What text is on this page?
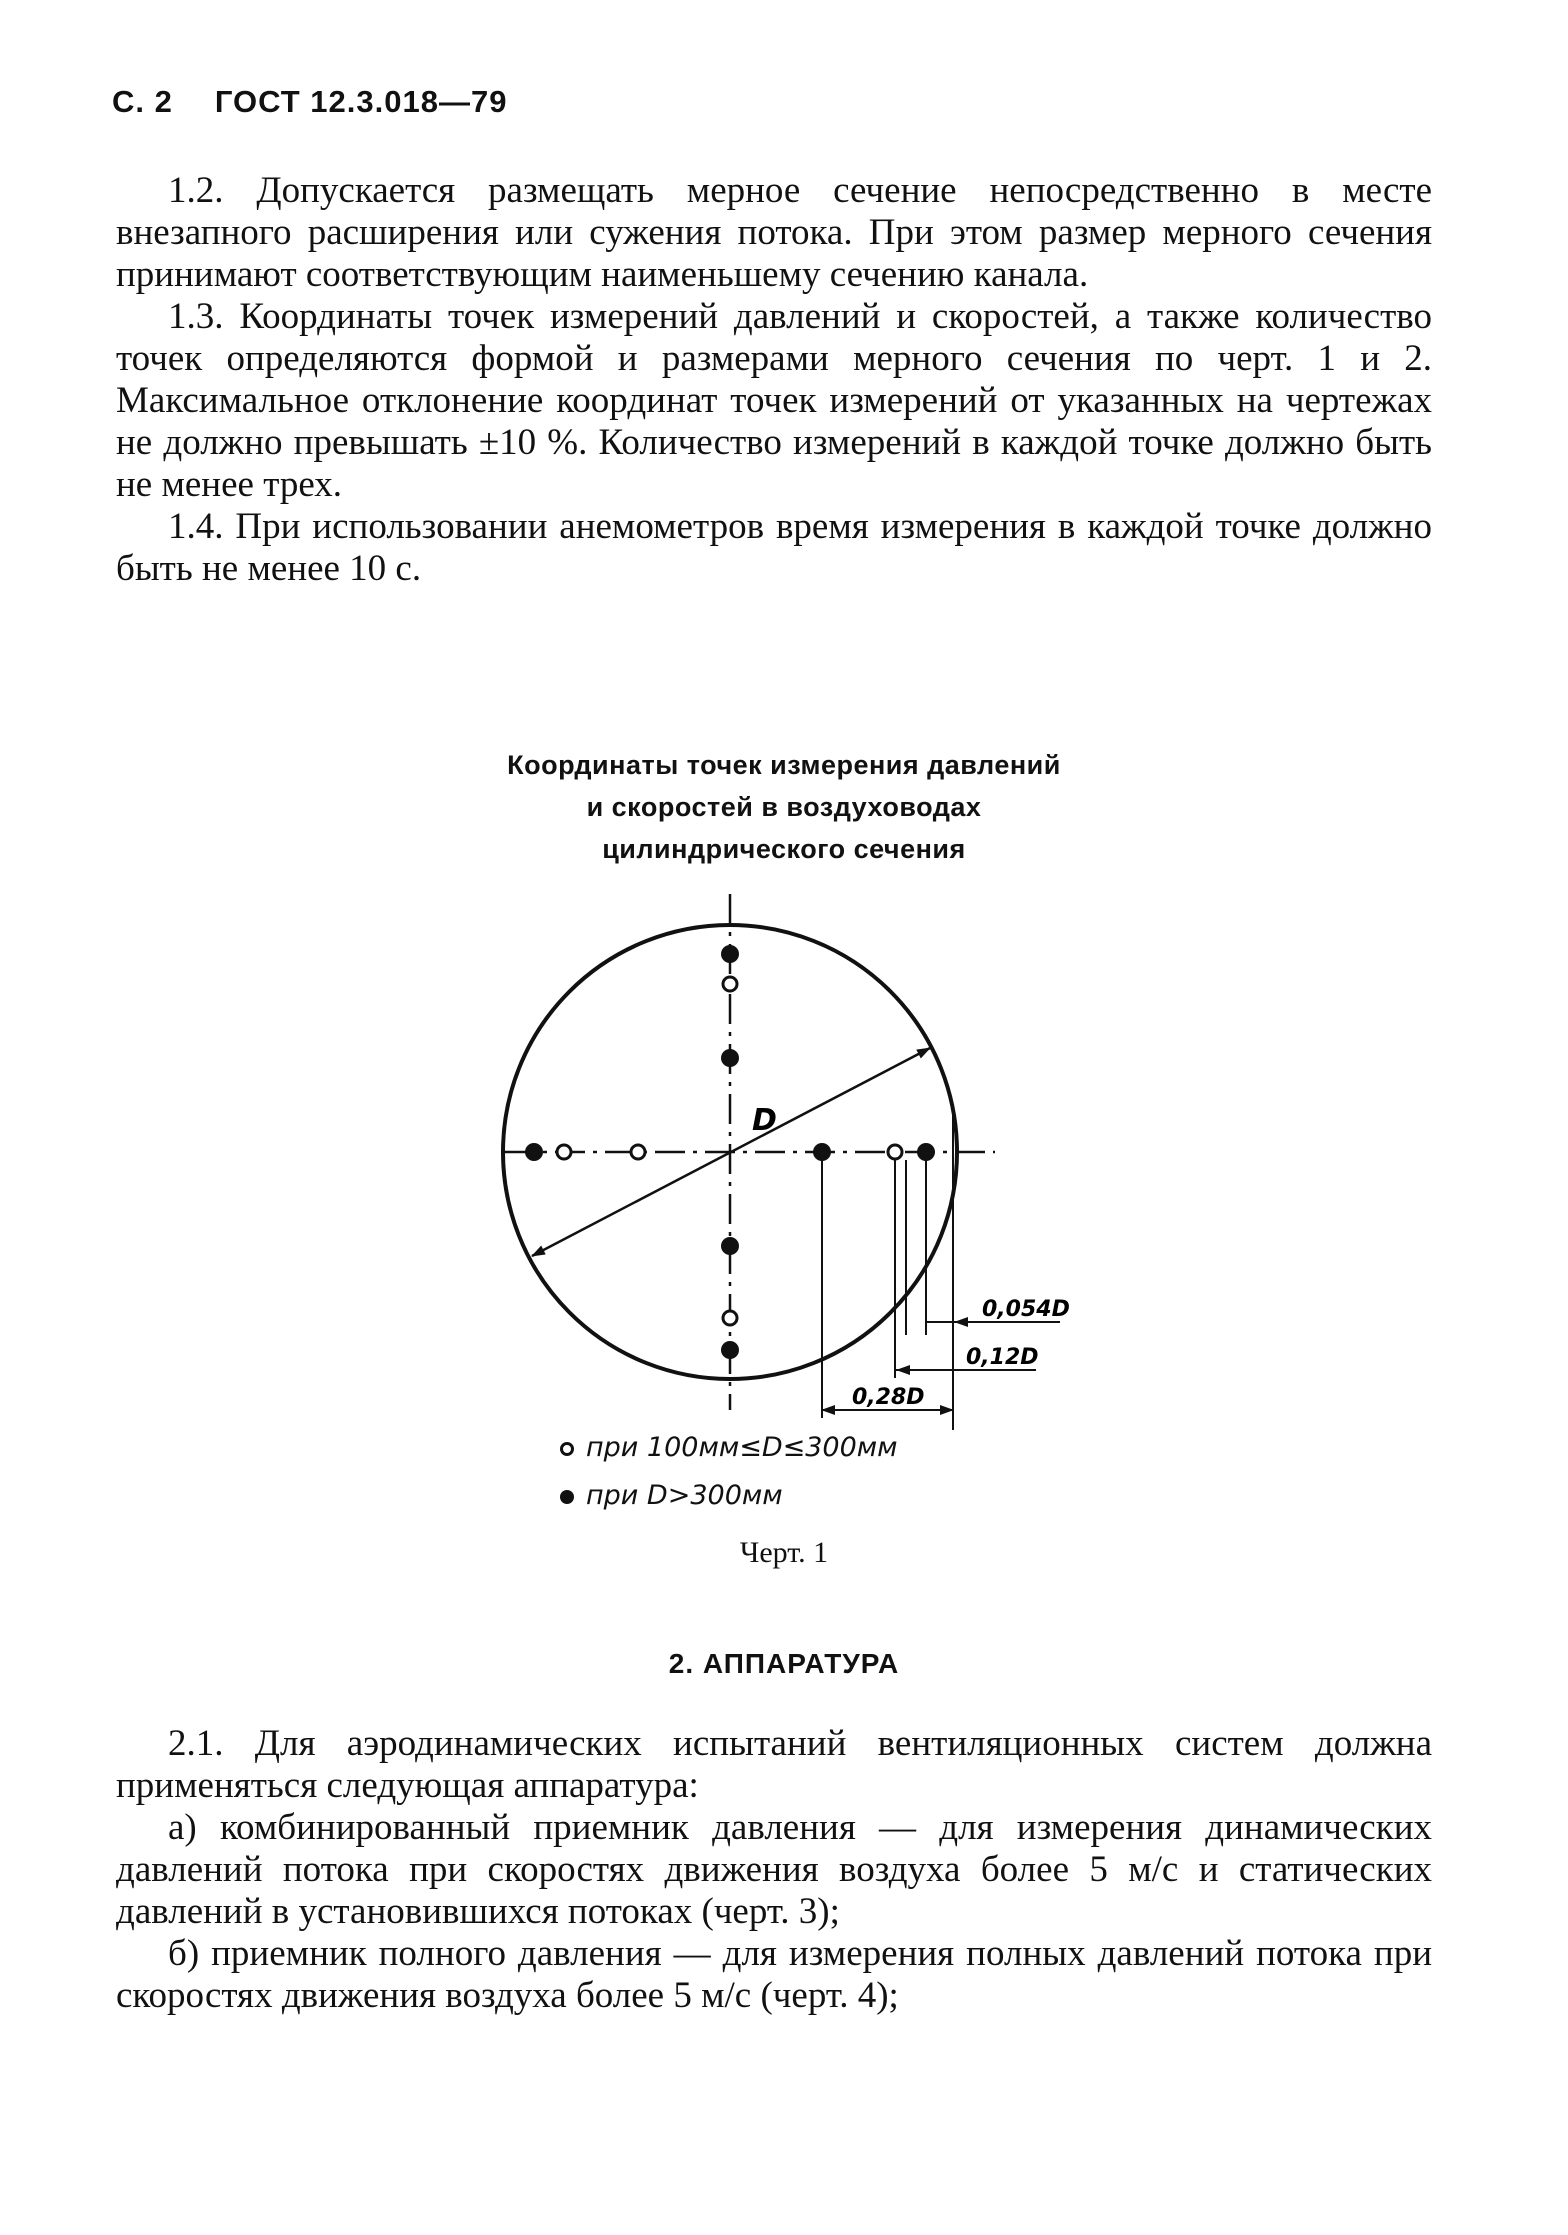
С. 2 ГОСТ 12.3.018—79

1.2. Допускается размещать мерное сечение непосредственно в месте внезапного расширения или сужения потока. При этом размер мерного сечения принимают соответствующим наименьшему сечению канала.

1.3. Координаты точек измерений давлений и скоростей, а также количество точек определяются формой и размерами мерного сечения по черт. 1 и 2. Максимальное отклонение координат точек измерений от указанных на чертежах не должно превышать ±10 %. Количество измерений в каждой точке должно быть не менее трех.

1.4. При использовании анемометров время измерения в каждой точке должно быть не менее 10 с.

Координаты точек измерения давлений
и скоростей в воздуховодах
цилиндрического сечения
D
0,054D
0,12D
0,28D
при 100мм≤D≤300мм
при D>300мм
Черт. 1
2. АППАРАТУРА

2.1. Для аэродинамических испытаний вентиляционных систем должна применяться следующая аппаратура:

а) комбинированный приемник давления — для измерения динамических давлений потока при скоростях движения воздуха более 5 м/с и статических давлений в установившихся потоках (черт. 3);

б) приемник полного давления — для измерения полных давлений потока при скоростях движения воздуха более 5 м/с (черт. 4);
